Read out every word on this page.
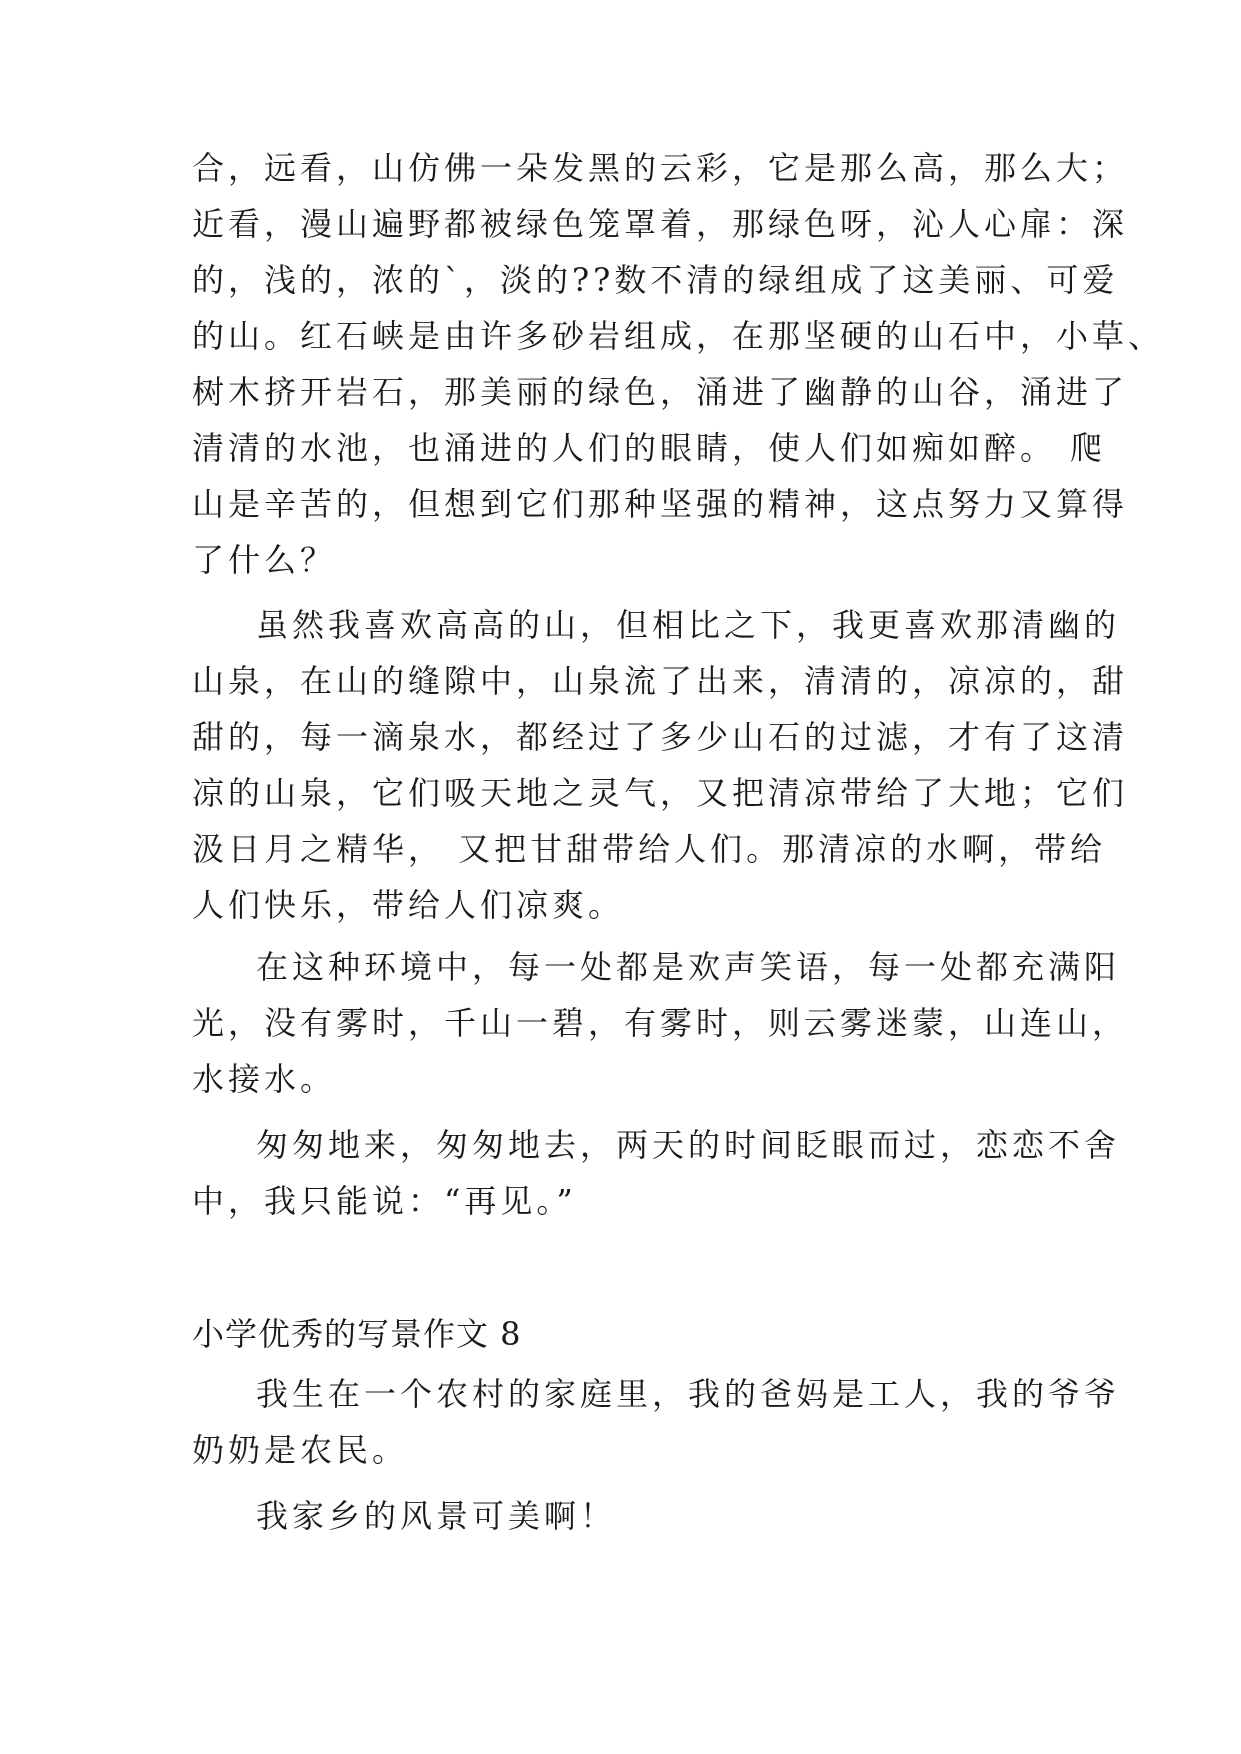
合，远看，山仿佛一朵发黑的云彩，它是那么高，那么大；
近看，漫山遍野都被绿色笼罩着，那绿色呀，沁人心扉：深
的，浅的，浓的`，淡的??数不清的绿组成了这美丽、可爱
的山。红石峡是由许多砂岩组成，在那坚硬的山石中，小草、
树木挤开岩石，那美丽的绿色，涌进了幽静的山谷，涌进了
清清的水池，也涌进的人们的眼睛，使人们如痴如醉。 爬
山是辛苦的，但想到它们那种坚强的精神，这点努力又算得
了什么？
虽然我喜欢高高的山，但相比之下，我更喜欢那清幽的
山泉，在山的缝隙中，山泉流了出来，清清的，凉凉的，甜
甜的，每一滴泉水，都经过了多少山石的过滤，才有了这清
凉的山泉，它们吸天地之灵气，又把清凉带给了大地；它们
汲日月之精华， 又把甘甜带给人们。那清凉的水啊，带给
人们快乐，带给人们凉爽。
在这种环境中，每一处都是欢声笑语，每一处都充满阳
光，没有雾时，千山一碧，有雾时，则云雾迷蒙，山连山，
水接水。
匆匆地来，匆匆地去，两天的时间眨眼而过，恋恋不舍
中，我只能说：“再见。”
小学优秀的写景作文 8
我生在一个农村的家庭里，我的爸妈是工人，我的爷爷
奶奶是农民。
我家乡的风景可美啊！
